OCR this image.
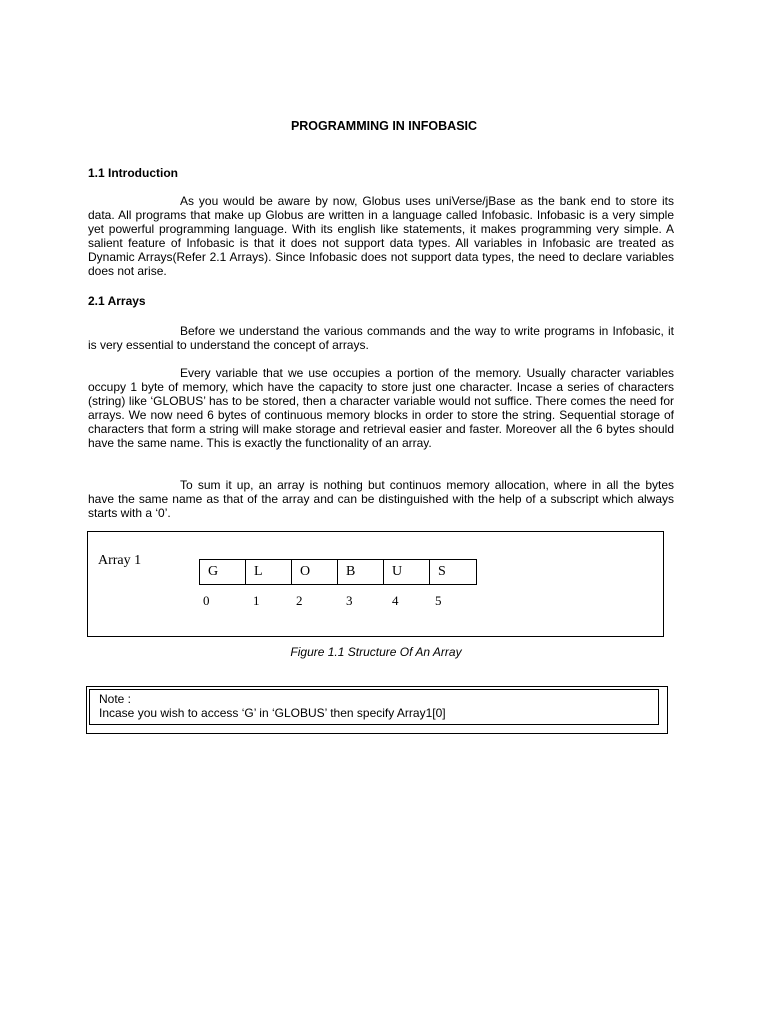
PROGRAMMING IN INFOBASIC
1.1 Introduction

As you would be aware by now, Globus uses uniVerse/jBase as the bank end to store its data. All programs that make up Globus are written in a language called Infobasic. Infobasic is a very simple yet powerful programming language. With its english like statements, it makes programming very simple. A salient feature of Infobasic is that it does not support data types. All variables in Infobasic are treated as Dynamic Arrays(Refer 2.1 Arrays). Since Infobasic does not support data types, the need to declare variables does not arise.

2.1 Arrays

Before we understand the various commands and the way to write programs in Infobasic, it is very essential to understand the concept of arrays.

Every variable that we use occupies a portion of the memory. Usually character variables occupy 1 byte of memory, which have the capacity to store just one character. Incase a series of characters (string) like ‘GLOBUS’ has to be stored, then a character variable would not suffice. There comes the need for arrays. We now need 6 bytes of continuous memory blocks in order to store the string. Sequential storage of characters that form a string will make storage and retrieval easier and faster. Moreover all the 6 bytes should have the same name. This is exactly the functionality of an array.

To sum it up, an array is nothing but continuos memory allocation, where in all the bytes have the same name as that of the array and can be distinguished with the help of a subscript which always starts with a ‘0’.

Array 1
G	L	O	B	U	S
0	1	2	3	4	5
Figure 1.1 Structure Of An Array
Note :
Incase you wish to access ‘G’ in ‘GLOBUS’ then specify Array1[0]
